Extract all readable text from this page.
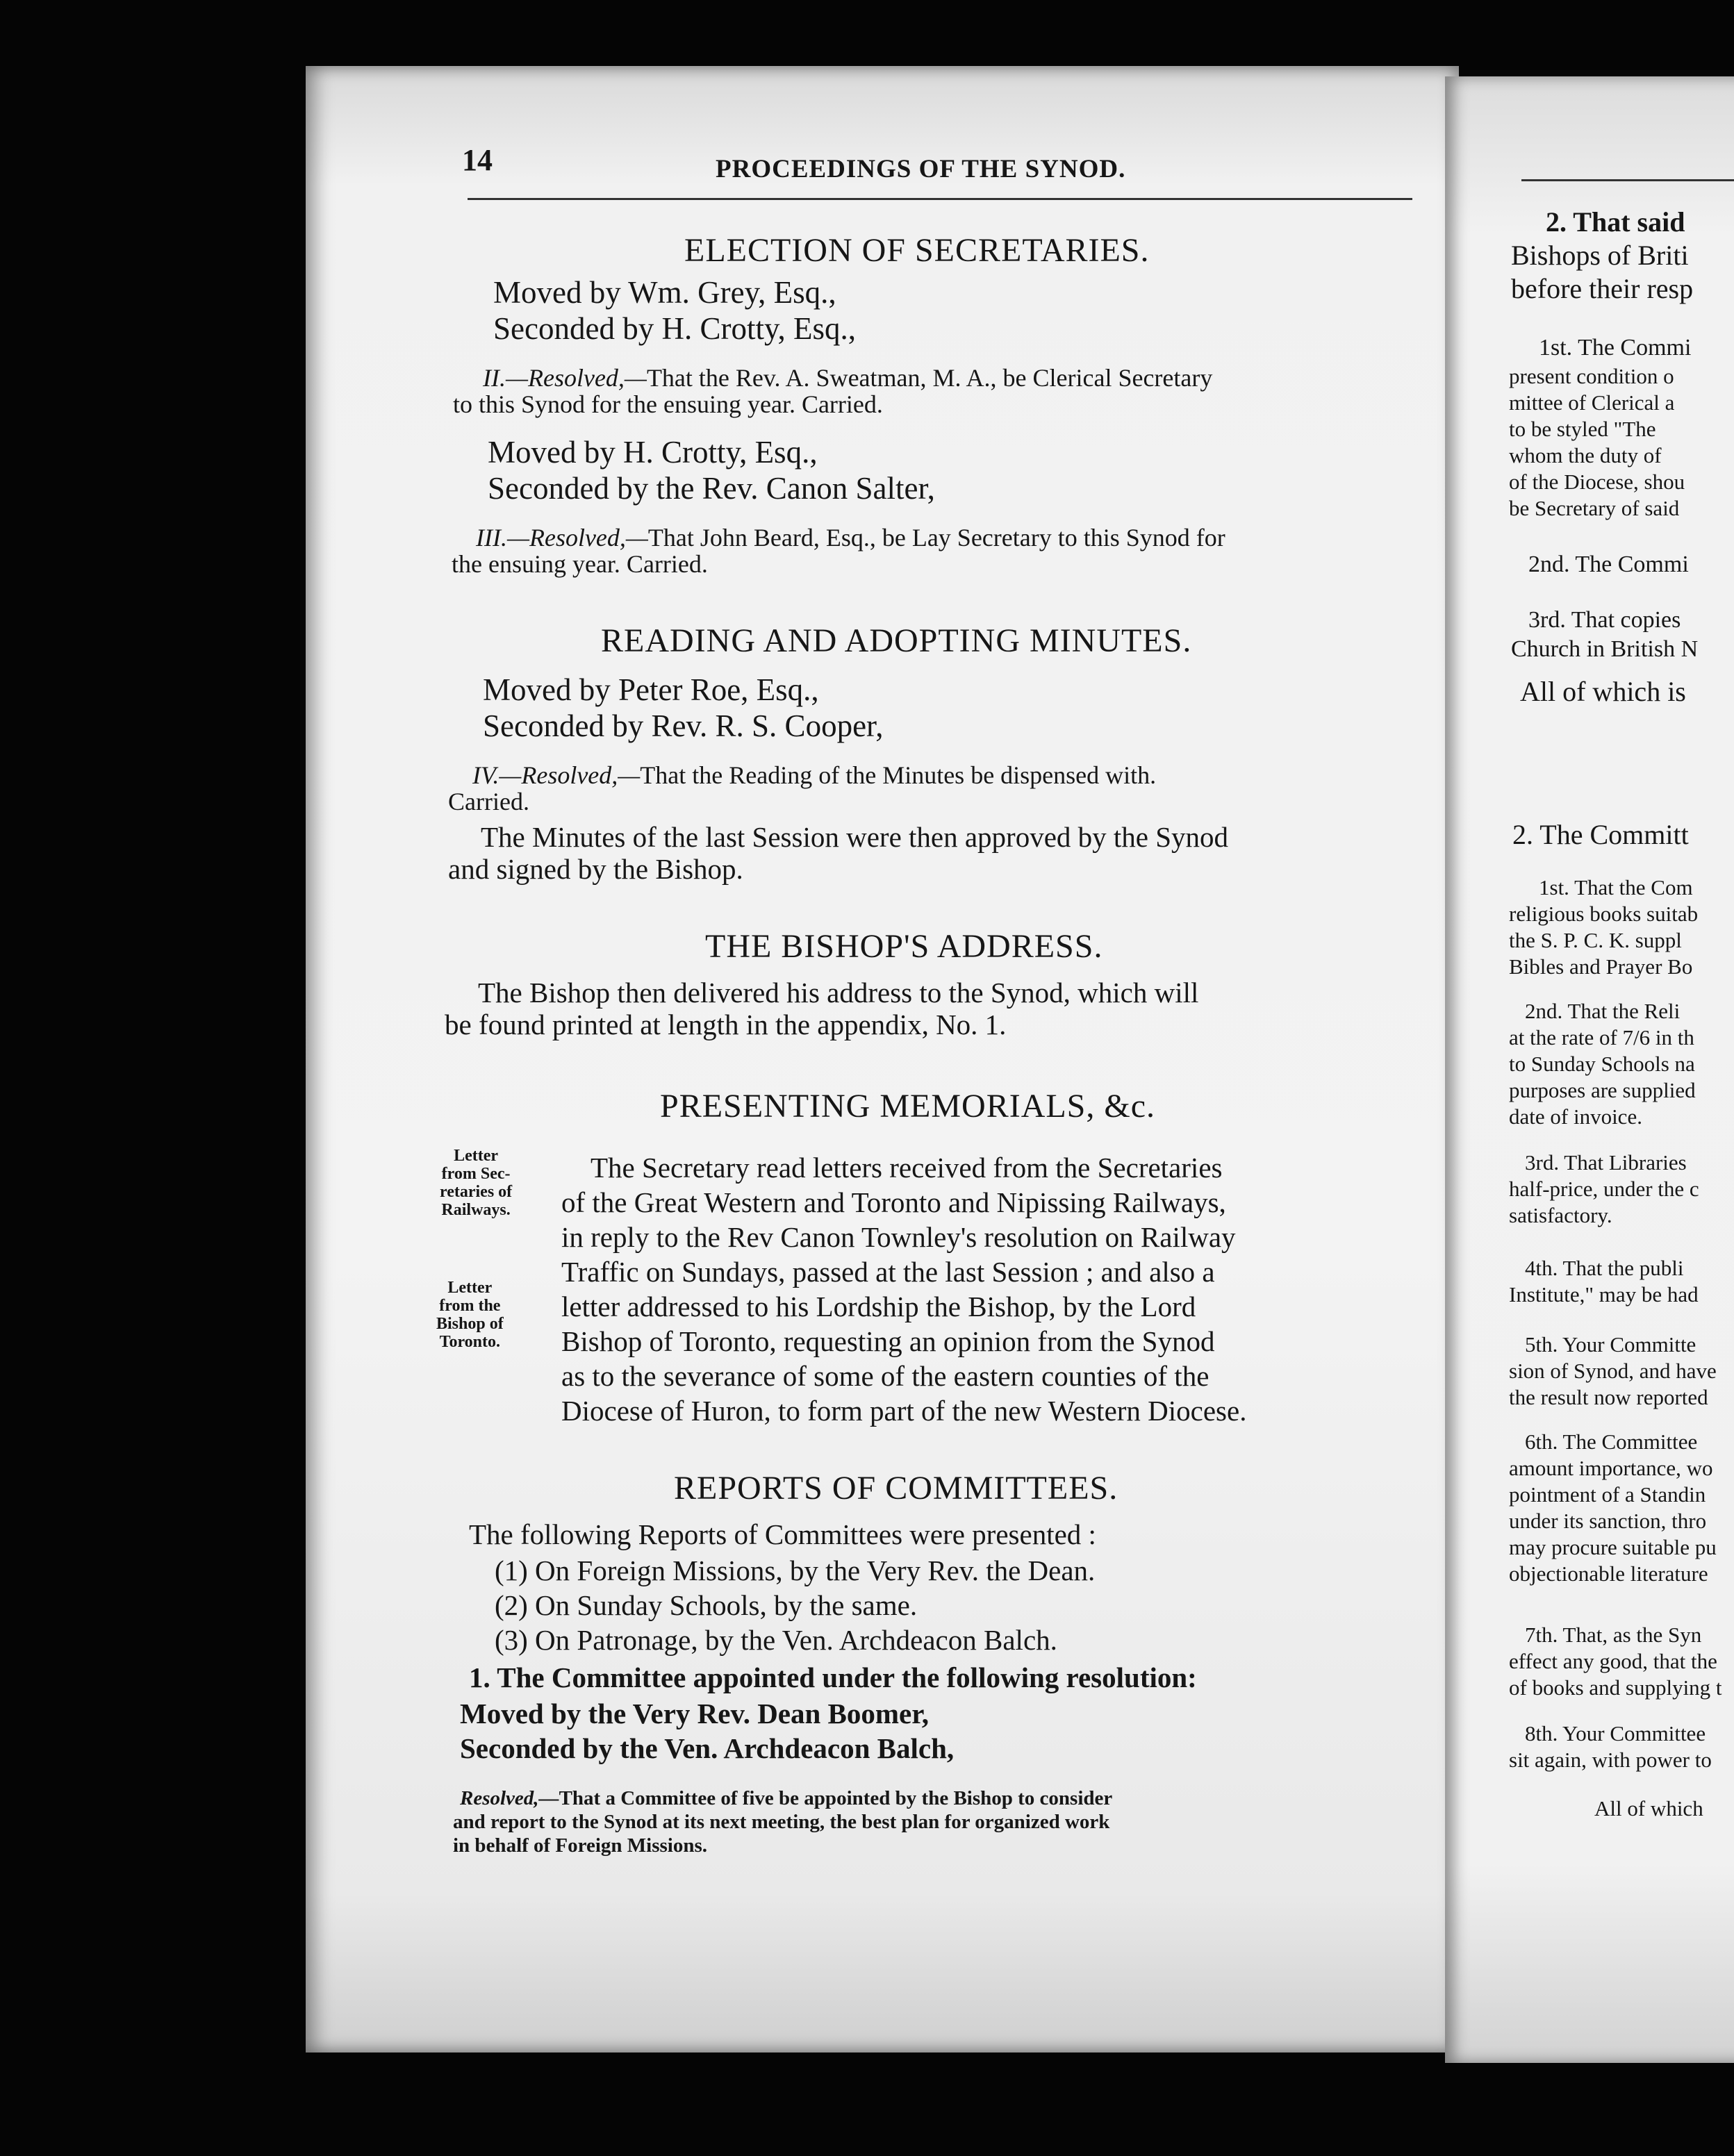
14	PROCEEDINGS OF THE SYNOD.
ELECTION OF SECRETARIES.
Moved by Wm. Grey, Esq.,
Seconded by H. Crotty, Esq.,
II.—Resolved,—That the Rev. A. Sweatman, M. A., be Clerical Secretary
to this Synod for the ensuing year. Carried.
Moved by H. Crotty, Esq.,
Seconded by the Rev. Canon Salter,
III.—Resolved,—That John Beard, Esq., be Lay Secretary to this Synod for
the ensuing year. Carried.
READING AND ADOPTING MINUTES.
Moved by Peter Roe, Esq.,
Seconded by Rev. R. S. Cooper,
IV.—Resolved,—That the Reading of the Minutes be dispensed with.
Carried.
The Minutes of the last Session were then approved by the Synod
and signed by the Bishop.
THE BISHOP'S ADDRESS.
The Bishop then delivered his address to the Synod, which will
be found printed at length in the appendix, No. 1.
PRESENTING MEMORIALS, &c.
Letter
from Sec-
retaries of
Railways.
Letter
from the
Bishop of
Toronto.
The Secretary read letters received from the Secretaries
of the Great Western and Toronto and Nipissing Railways,
in reply to the Rev Canon Townley's resolution on Railway
Traffic on Sundays, passed at the last Session ; and also a
letter addressed to his Lordship the Bishop, by the Lord
Bishop of Toronto, requesting an opinion from the Synod
as to the severance of some of the eastern counties of the
Diocese of Huron, to form part of the new Western Diocese.
REPORTS OF COMMITTEES.
The following Reports of Committees were presented :
(1) On Foreign Missions, by the Very Rev. the Dean.
(2) On Sunday Schools, by the same.
(3) On Patronage, by the Ven. Archdeacon Balch.
1. The Committee appointed under the following resolution:
Moved by the Very Rev. Dean Boomer,
Seconded by the Ven. Archdeacon Balch,
Resolved,—That a Committee of five be appointed by the Bishop to consider
and report to the Synod at its next meeting, the best plan for organized work
in behalf of Foreign Missions.
2. That said
Bishops of Briti
before their resp
1st. The Commi
present condition o
mittee of Clerical a
to be styled "The
whom the duty of
of the Diocese, shou
be Secretary of said
2nd. The Commi
3rd. That copies
Church in British N
All of which is
2. The Committ
1st. That the Com
religious books suitab
the S. P. C. K. suppl
Bibles and Prayer Bo
2nd. That the Reli
at the rate of 7/6 in th
to Sunday Schools na
purposes are supplied
date of invoice.
3rd. That Libraries
half-price, under the c
satisfactory.
4th. That the publi
Institute," may be had
5th. Your Committe
sion of Synod, and have
the result now reported
6th. The Committee
amount importance, wo
pointment of a Standin
under its sanction, thro
may procure suitable pu
objectionable literature
7th. That, as the Syn
effect any good, that the
of books and supplying t
8th. Your Committee
sit again, with power to
All of which
